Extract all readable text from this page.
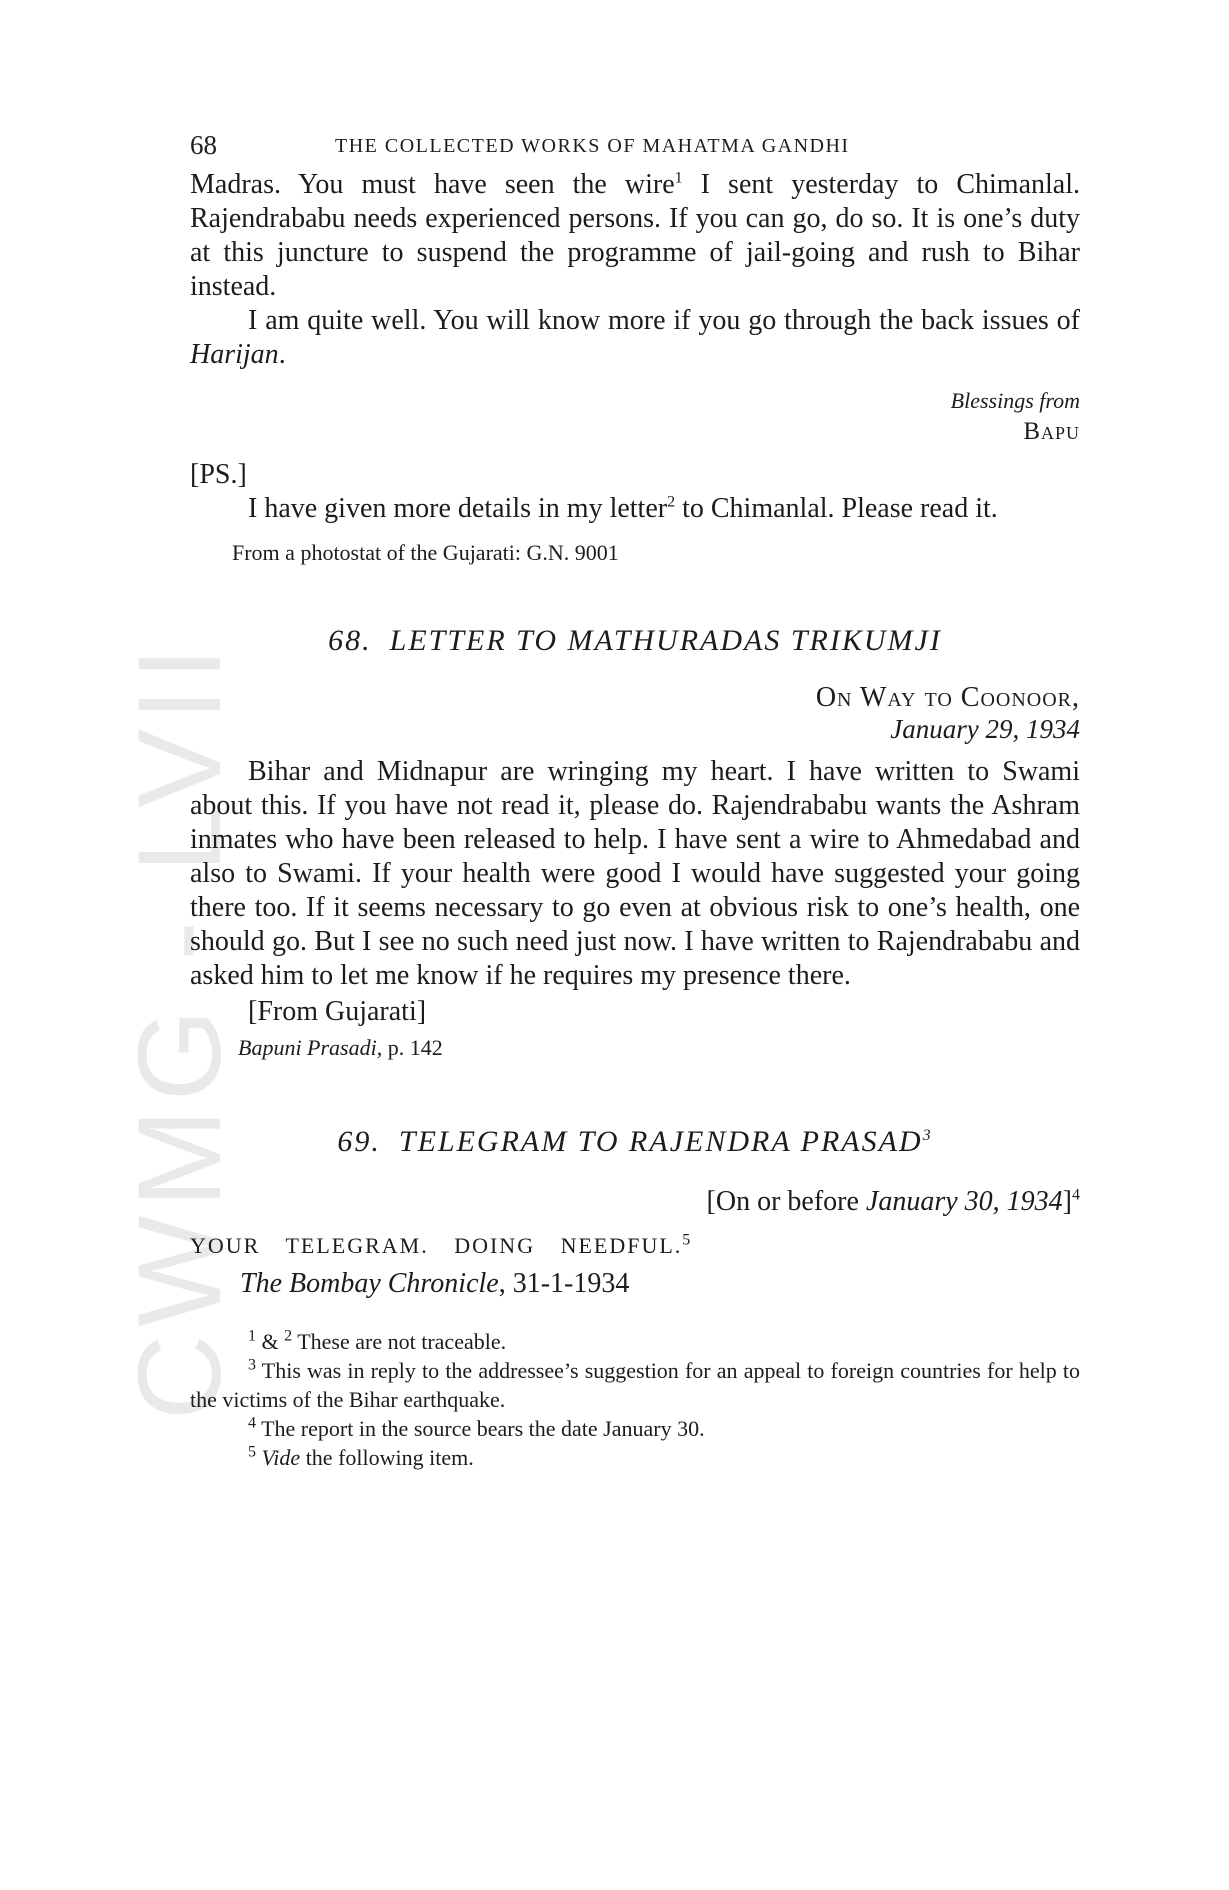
CWMG - LVII
68	THE COLLECTED WORKS OF MAHATMA GANDHI

Madras. You must have seen the wire$^1$ I sent yesterday to Chimanlal. Rajendrababu needs experienced persons. If you can go, do so. It is one’s duty at this juncture to suspend the programme of jail-going and rush to Bihar instead.

I am quite well. You will know more if you go through the back issues of Harijan.

Blessings from

Bapu

[PS.]

I have given more details in my letter$^2$ to Chimanlal. Please read it.

From a photostat of the Gujarati: G.N. 9001

68. LETTER TO MATHURADAS TRIKUMJI

On Way to Coonoor,

January 29, 1934

Bihar and Midnapur are wringing my heart. I have written to Swami about this. If you have not read it, please do. Rajendrababu wants the Ashram inmates who have been released to help. I have sent a wire to Ahmedabad and also to Swami. If your health were good I would have suggested your going there too. If it seems necessary to go even at obvious risk to one’s health, one should go. But I see no such need just now. I have written to Rajendrababu and asked him to let me know if he requires my presence there.

[From Gujarati]

Bapuni Prasadi, p. 142

69. TELEGRAM TO RAJENDRA PRASAD$^3$

[On or before January 30, 1934]$^4$

YOUR TELEGRAM. DOING NEEDFUL.$^5$

The Bombay Chronicle, 31-1-1934

$^1$ & $^2$ These are not traceable.

$^3$ This was in reply to the addressee’s suggestion for an appeal to foreign countries for help to the victims of the Bihar earthquake.

$^4$ The report in the source bears the date January 30.

$^5$ Vide the following item.
